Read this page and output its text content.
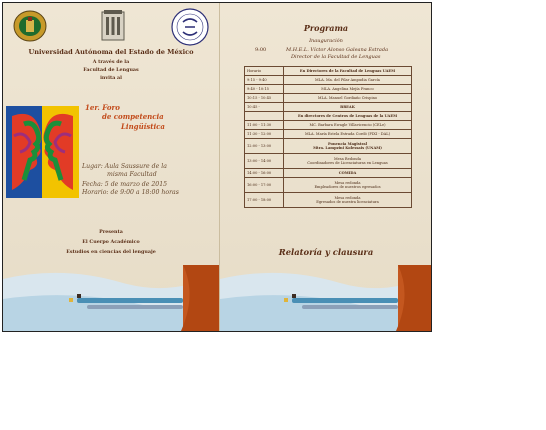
Universidad Autónoma del Estado de México
A través de la
Facultad de Lenguas
invita al
1er. Foro
de competencia
Lingüística
Lugar: Aula Saussure de la
misma Facultad
Fecha: 5 de marzo de 2015
Horario: de 9:00 a 18:00 horas
Presenta
El Cuerpo Académico
Estudios en ciencias del lenguaje
Programa
Inauguración
9:00	M.H.E.L. Víctor Alonso Galeana Estrada
Director de la Facultad de Lenguas
Horario	En Directores de la Facultad de Lenguas UAEM

9:15 - 9:40	MLA. Ma. del Pilar Ampudia García

9:40 - 10:15	MLA. Angelina Mejía Franco

10:15 - 10:45	MLA. Manuel Gordiaño Crispino

10:45 -	BREAK

	En directores de Centros de Lenguas de la UAEM

11:00 - 11:30	MC. Barbara Ewagle Villavicencio (CELe)

11:30 - 12:00	MLA. María Estela Estrada Cordó (FIXI - DAL)

12:00 - 13:00	Ponencia Magistral
Mtra. Lampzini Kolessais (UNAM)

13:00 - 14:00	Mesa Redonda
Coordinadores de Licenciaturas en Lenguas

14:00 - 16:00	COMIDA

16:00 - 17:00	Mesa redonda
Empleadores de nuestros egresados

17:00 - 18:00	Mesa redonda
Egresados de nuestra licenciatura
Relatoría y clausura
